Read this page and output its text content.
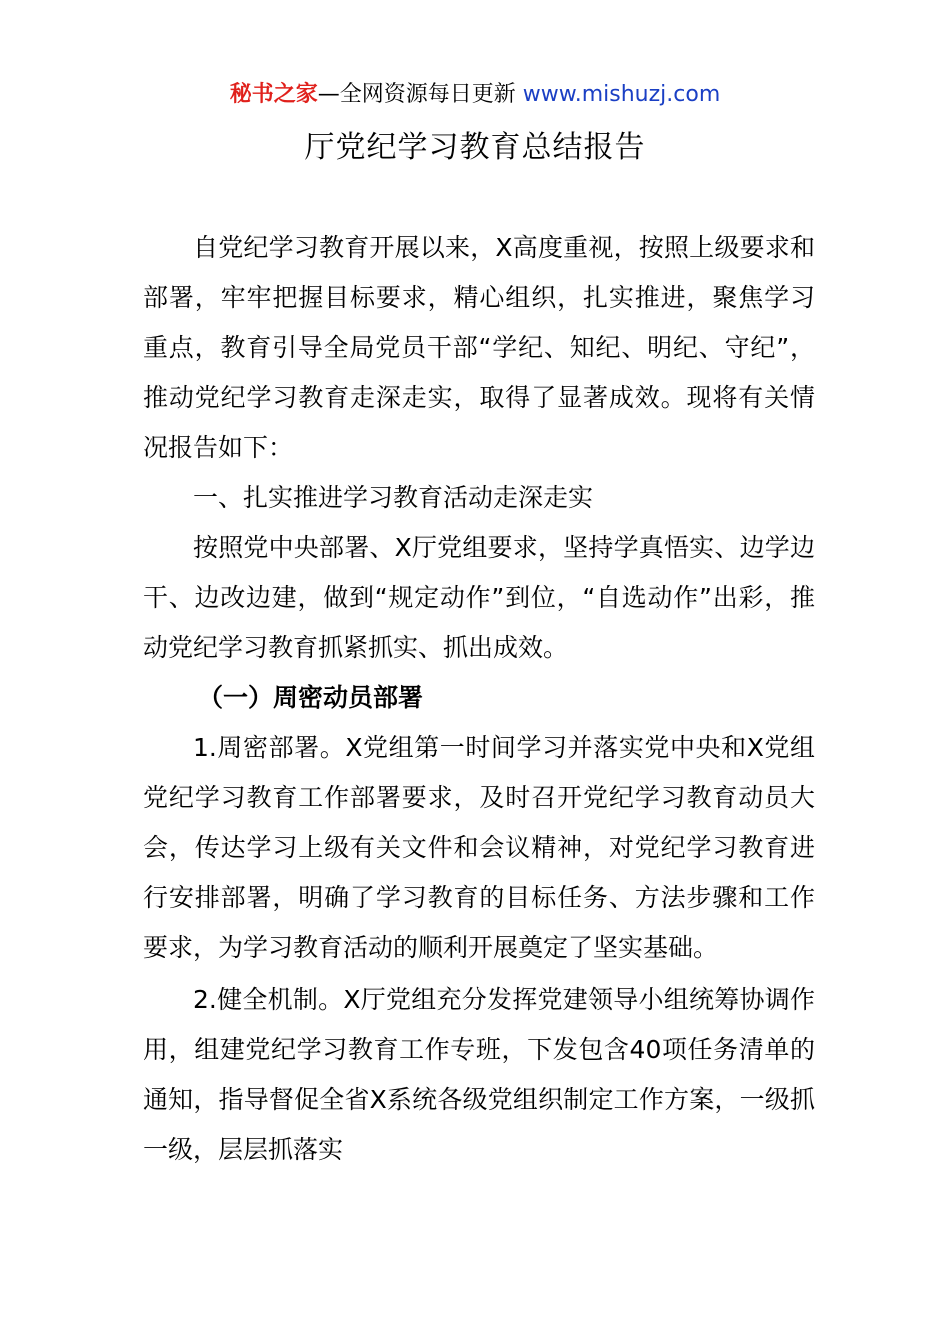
秘书之家—全网资源每日更新 www.mishuzj.com
厅党纪学习教育总结报告

自党纪学习教育开展以来，X高度重视，按照上级要求和部署，牢牢把握目标要求，精心组织，扎实推进，聚焦学习重点，教育引导全局党员干部“学纪、知纪、明纪、守纪”，推动党纪学习教育走深走实，取得了显著成效。现将有关情况报告如下：

一、扎实推进学习教育活动走深走实

按照党中央部署、X厅党组要求，坚持学真悟实、边学边干、边改边建，做到“规定动作”到位，“自选动作”出彩，推动党纪学习教育抓紧抓实、抓出成效。

（一）周密动员部署

1.周密部署。X党组第一时间学习并落实党中央和X党组党纪学习教育工作部署要求，及时召开党纪学习教育动员大会，传达学习上级有关文件和会议精神，对党纪学习教育进行安排部署，明确了学习教育的目标任务、方法步骤和工作要求，为学习教育活动的顺利开展奠定了坚实基础。

2.健全机制。X厅党组充分发挥党建领导小组统筹协调作用，组建党纪学习教育工作专班，下发包含40项任务清单的通知，指导督促全省X系统各级党组织制定工作方案，一级抓一级，层层抓落实
